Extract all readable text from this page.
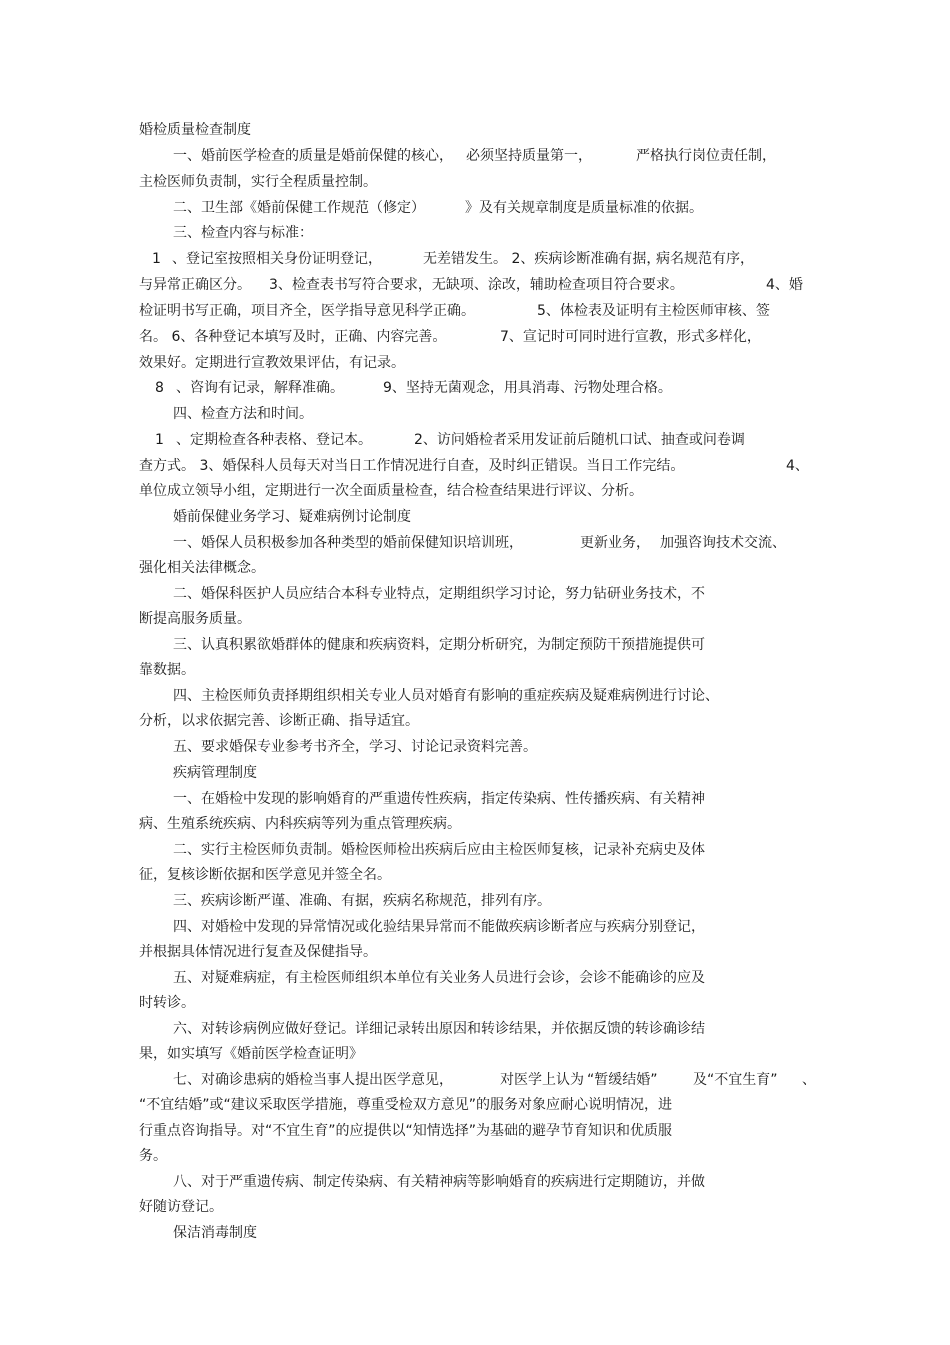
婚检质量检查制度
一、婚前医学检查的质量是婚前保健的核心， 必须坚持质量第一，	严格执行岗位责任制，
主检医师负责制，实行全程质量控制。
二、卫生部《婚前保健工作规范（修定）	》及有关规章制度是质量标准的依据。
三、检查内容与标准：
1 、登记室按照相关身份证明登记，	无差错发生。 2、疾病诊断准确有据，
病名规范有序，
与异常正确区分。 3、检查表书写符合要求，无缺项、涂改，辅助检查项目符合要求。	4、婚
检证明书写正确，项目齐全，医学指导意见科学正确。	5、体检表及证明有主检医师审核、签
名。 6、各种登记本填写及时，正确、内容完善。	7、宣记时可同时进行宣教，形式多样化，
效果好。定期进行宣教效果评估，有记录。
8 、咨询有记录，解释准确。	9、坚持无菌观念，用具消毒、污物处理合格。
四、检查方法和时间。
1 、定期检查各种表格、登记本。	2、访问婚检者采用发证前后随机口试、抽查或问卷调
查方式。 3、婚保科人员每天对当日工作情况进行自查，及时纠正错误。当日工作完结。	4、
单位成立领导小组，定期进行一次全面质量检查，结合检查结果进行评议、分析。
婚前保健业务学习、疑难病例讨论制度
一、婚保人员积极参加各种类型的婚前保健知识培训班，	更新业务， 加强咨询技术交流、
强化相关法律概念。
二、婚保科医护人员应结合本科专业特点，定期组织学习讨论，努力钻研业务技术，不
断提高服务质量。
三、认真积累欲婚群体的健康和疾病资料，定期分析研究，为制定预防干预措施提供可
靠数据。
四、主检医师负责择期组织相关专业人员对婚育有影响的重症疾病及疑难病例进行讨论、
分析，以求依据完善、诊断正确、指导适宜。
五、要求婚保专业参考书齐全，学习、讨论记录资料完善。
疾病管理制度
一、在婚检中发现的影响婚育的严重遗传性疾病，指定传染病、性传播疾病、有关精神
病、生殖系统疾病、内科疾病等列为重点管理疾病。
二、实行主检医师负责制。婚检医师检出疾病后应由主检医师复核，记录补充病史及体
征，复核诊断依据和医学意见并签全名。
三、疾病诊断严谨、准确、有据，疾病名称规范，排列有序。
四、对婚检中发现的异常情况或化验结果异常而不能做疾病诊断者应与疾病分别登记，
并根据具体情况进行复查及保健指导。
五、对疑难病症，有主检医师组织本单位有关业务人员进行会诊，会诊不能确诊的应及
时转诊。
六、对转诊病例应做好登记。详细记录转出原因和转诊结果，并依据反馈的转诊确诊结
果，如实填写《婚前医学检查证明》
七、对确诊患病的婚检当事人提出医学意见，	对医学上认为 “暂缓结婚”	及“不宜生育” 、
“不宜结婚”或“建议采取医学措施，尊重受检双方意见”的服务对象应耐心说明情况，进
行重点咨询指导。对“不宜生育”的应提供以“知情选择”为基础的避孕节育知识和优质服
务。
八、对于严重遗传病、制定传染病、有关精神病等影响婚育的疾病进行定期随访，并做
好随访登记。
保洁消毒制度
